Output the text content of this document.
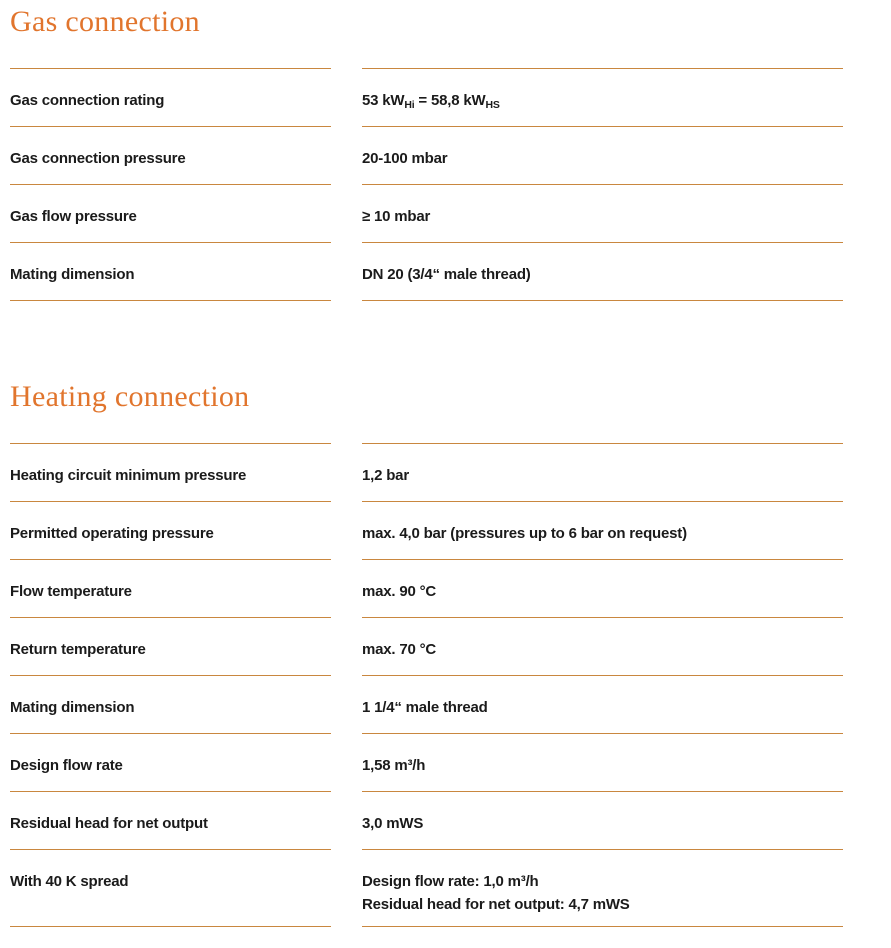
Gas connection
Gas connection rating	53 $kW_{Hi} = 58,8$ $kW_{HS}$
Gas connection pressure	20-100 mbar
Gas flow pressure	≥ 10 mbar
Mating dimension	DN 20 (3/4“ male thread)
Heating connection
Heating circuit minimum pressure	1,2 bar
Permitted operating pressure	max. 4,0 bar (pressures up to 6 bar on request)
Flow temperature	max. 90 °C
Return temperature	max. 70 °C
Mating dimension	1 1/4“ male thread
Design flow rate	1,58 m³/h
Residual head for net output	3,0 mWS
With 40 K spread	Design flow rate: 1,0 m³/h
Residual head for net output: 4,7 mWS
